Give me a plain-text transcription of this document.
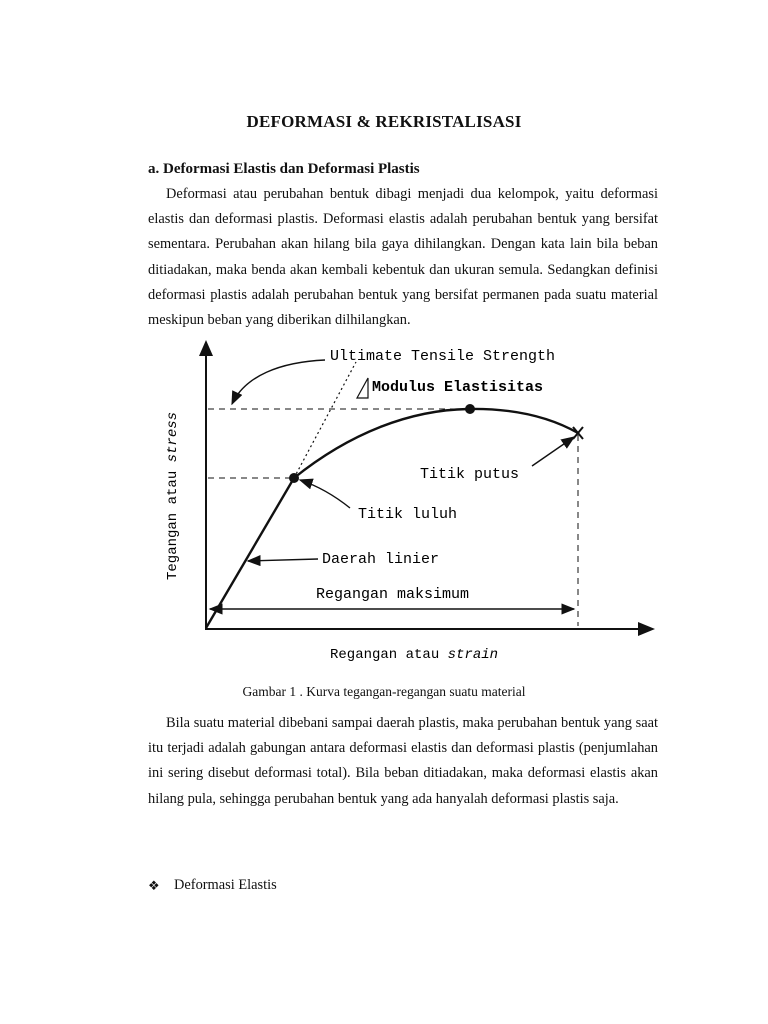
DEFORMASI & REKRISTALISASI
a. Deformasi Elastis dan Deformasi Plastis

Deformasi atau perubahan bentuk dibagi menjadi dua kelompok, yaitu deformasi elastis dan deformasi plastis. Deformasi elastis adalah perubahan bentuk yang bersifat sementara. Perubahan akan hilang bila gaya dihilangkan. Dengan kata lain bila beban ditiadakan, maka benda akan kembali kebentuk dan ukuran semula. Sedangkan definisi deformasi plastis adalah perubahan bentuk yang bersifat permanen pada suatu material meskipun beban yang diberikan dilhilangkan.

Ultimate Tensile Strength
Modulus Elastisitas
Titik putus
Titik luluh
Daerah linier
Regangan maksimum
Regangan atau strain
Tegangan atau stress
Gambar 1 . Kurva tegangan-regangan suatu material

Bila suatu material dibebani sampai daerah plastis, maka perubahan bentuk yang saat itu terjadi adalah gabungan antara deformasi elastis dan deformasi plastis (penjumlahan ini sering disebut deformasi total). Bila beban ditiadakan, maka deformasi elastis akan hilang pula, sehingga perubahan bentuk yang ada hanyalah deformasi plastis saja.

❖ Deformasi Elastis
